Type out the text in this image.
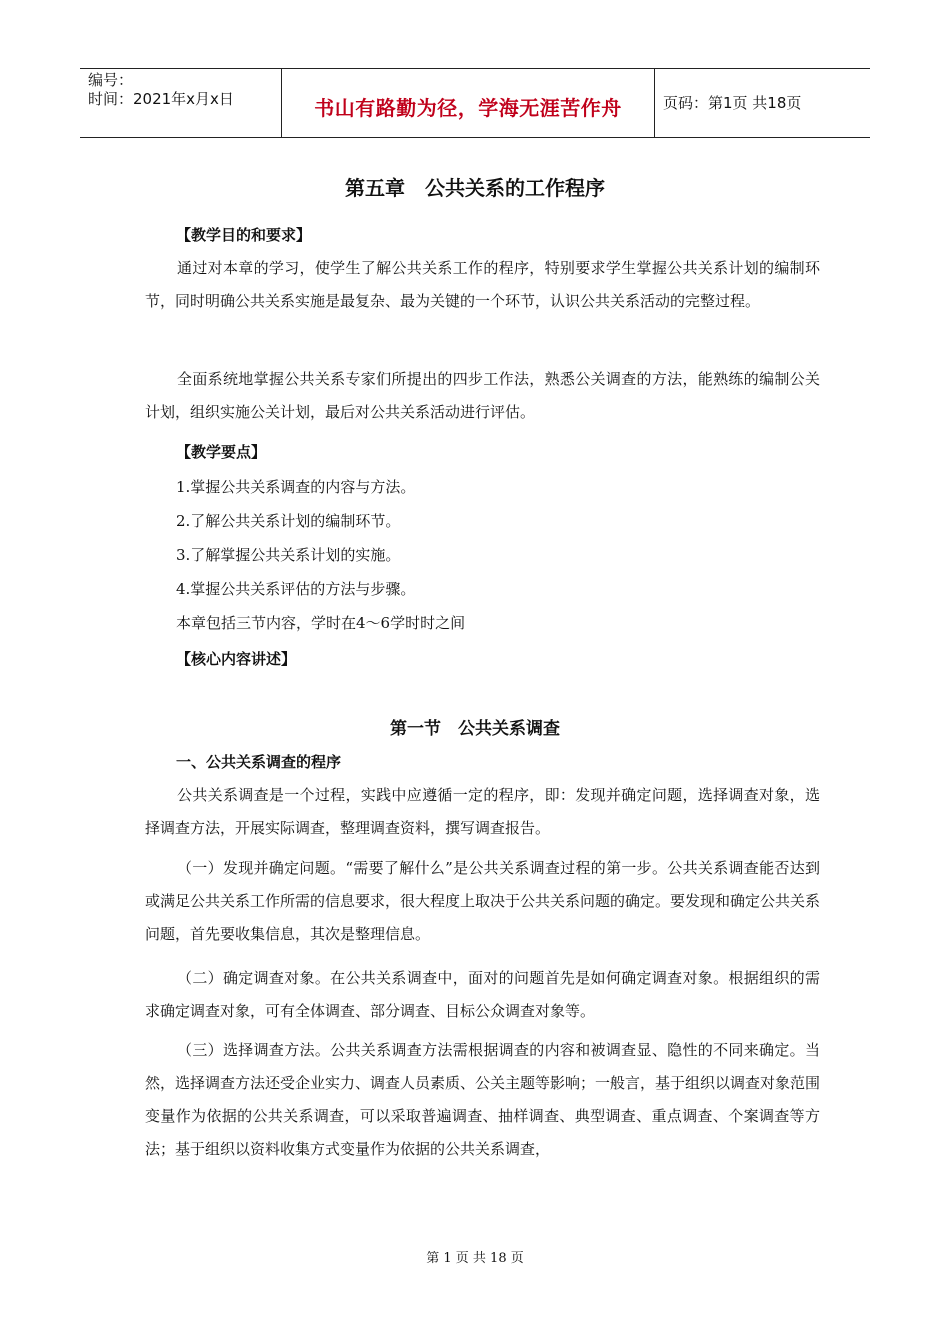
编号：
时间：2021年x月x日	书山有路勤为径，学海无涯苦作舟	页码：第1页 共18页
第五章　公共关系的工作程序
【教学目的和要求】

通过对本章的学习，使学生了解公共关系工作的程序，特别要求学生掌握公共关系计划的编制环节，同时明确公共关系实施是最复杂、最为关键的一个环节，认识公共关系活动的完整过程。

全面系统地掌握公共关系专家们所提出的四步工作法，熟悉公关调查的方法，能熟练的编制公关计划，组织实施公关计划，最后对公共关系活动进行评估。

【教学要点】
1.掌握公共关系调查的内容与方法。
2.了解公共关系计划的编制环节。
3.了解掌握公共关系计划的实施。
4.掌握公共关系评估的方法与步骤。
本章包括三节内容，学时在4～6学时时之间
【核心内容讲述】
第一节　公共关系调查
一、公共关系调查的程序

公共关系调查是一个过程，实践中应遵循一定的程序，即：发现并确定问题，选择调查对象，选择调查方法，开展实际调查，整理调查资料，撰写调查报告。

（一）发现并确定问题。“需要了解什么”是公共关系调查过程的第一步。公共关系调查能否达到或满足公共关系工作所需的信息要求，很大程度上取决于公共关系问题的确定。要发现和确定公共关系问题，首先要收集信息，其次是整理信息。

（二）确定调查对象。在公共关系调查中，面对的问题首先是如何确定调查对象。根据组织的需求确定调查对象，可有全体调查、部分调查、目标公众调查对象等。

（三）选择调查方法。公共关系调查方法需根据调查的内容和被调查显、隐性的不同来确定。当然，选择调查方法还受企业实力、调查人员素质、公关主题等影响；一般言，基于组织以调查对象范围变量作为依据的公共关系调查，可以采取普遍调查、抽样调查、典型调查、重点调查、个案调查等方法；基于组织以资料收集方式变量作为依据的公共关系调查，

第 1 页 共 18 页
